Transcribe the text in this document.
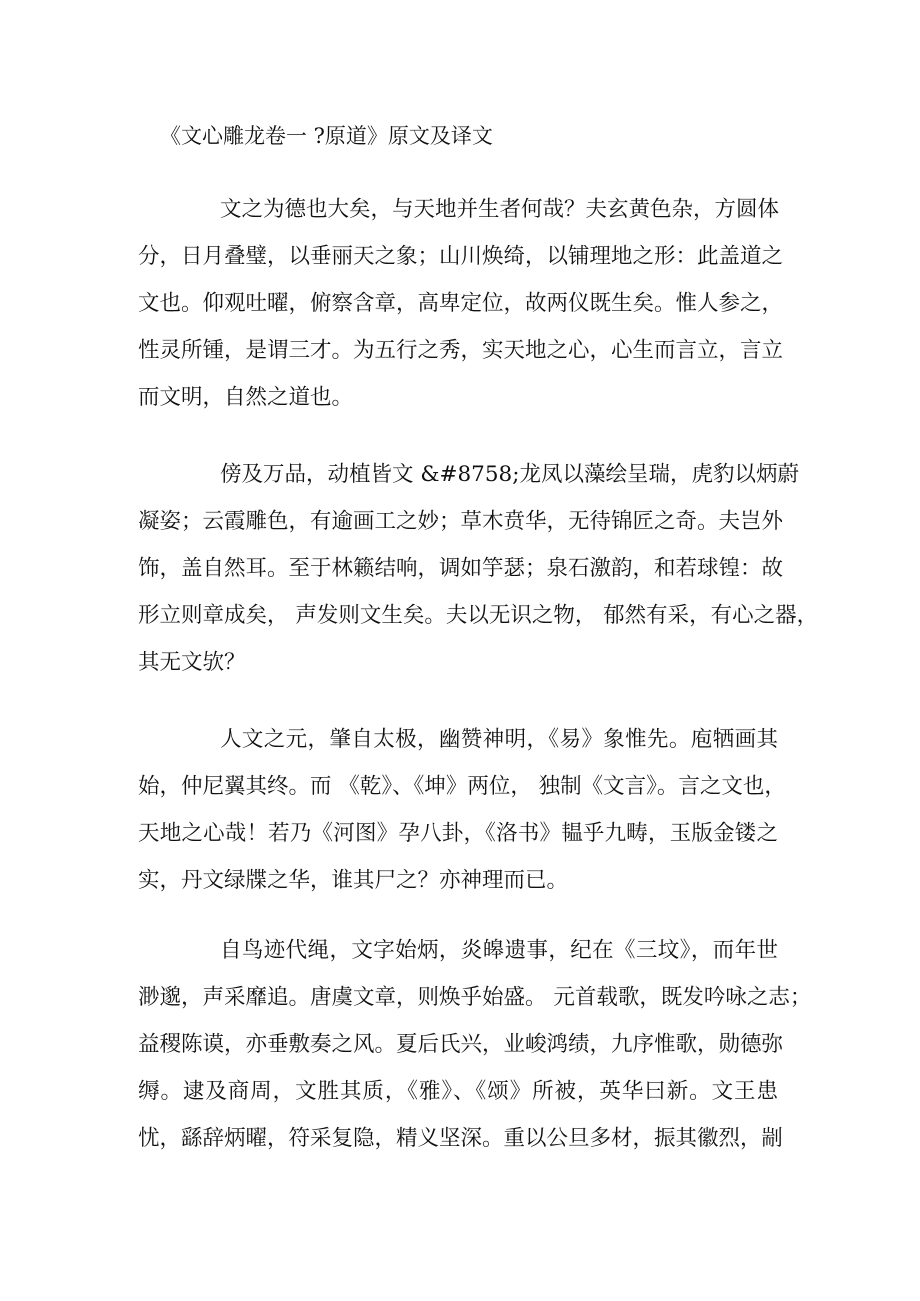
《文心雕龙卷一 ?原道》原文及译文
文之为德也大矣，与天地并生者何哉？夫玄黄色杂，方圆体
分，日月叠璧，以垂丽天之象；山川焕绮，以铺理地之形：此盖道之
文也。仰观吐曜，俯察含章，高卑定位，故两仪既生矣。惟人参之，
性灵所锺，是谓三才。为五行之秀，实天地之心，心生而言立，言立
而文明，自然之道也。
傍及万品，动植皆文 &#8758;龙凤以藻绘呈瑞，虎豹以炳蔚
凝姿；云霞雕色，有逾画工之妙；草木贲华，无待锦匠之奇。夫岂外
饰，盖自然耳。至于林籁结响，调如竽瑟；泉石激韵，和若球锽：故
形立则章成矣， 声发则文生矣。夫以无识之物， 郁然有采，有心之器，
其无文欤？
人文之元，肇自太极，幽赞神明，《易》象惟先。庖牺画其
始，仲尼翼其终。而 《乾》、《坤》两位， 独制《文言》。言之文也，
天地之心哉！若乃《河图》孕八卦，《洛书》韫乎九畴，玉版金镂之
实，丹文绿牒之华，谁其尸之？亦神理而已。
自鸟迹代绳，文字始炳，炎皞遗事，纪在《三坟》，而年世
渺邈，声采靡追。唐虞文章，则焕乎始盛。 元首载歌，既发吟咏之志；
益稷陈谟，亦垂敷奏之风。夏后氏兴，业峻鸿绩，九序惟歌，勋德弥
缛。逮及商周，文胜其质，《雅》、《颂》所被，英华曰新。文王患
忧，繇辞炳曜，符采复隐，精义坚深。重以公旦多材，振其徽烈，剬
